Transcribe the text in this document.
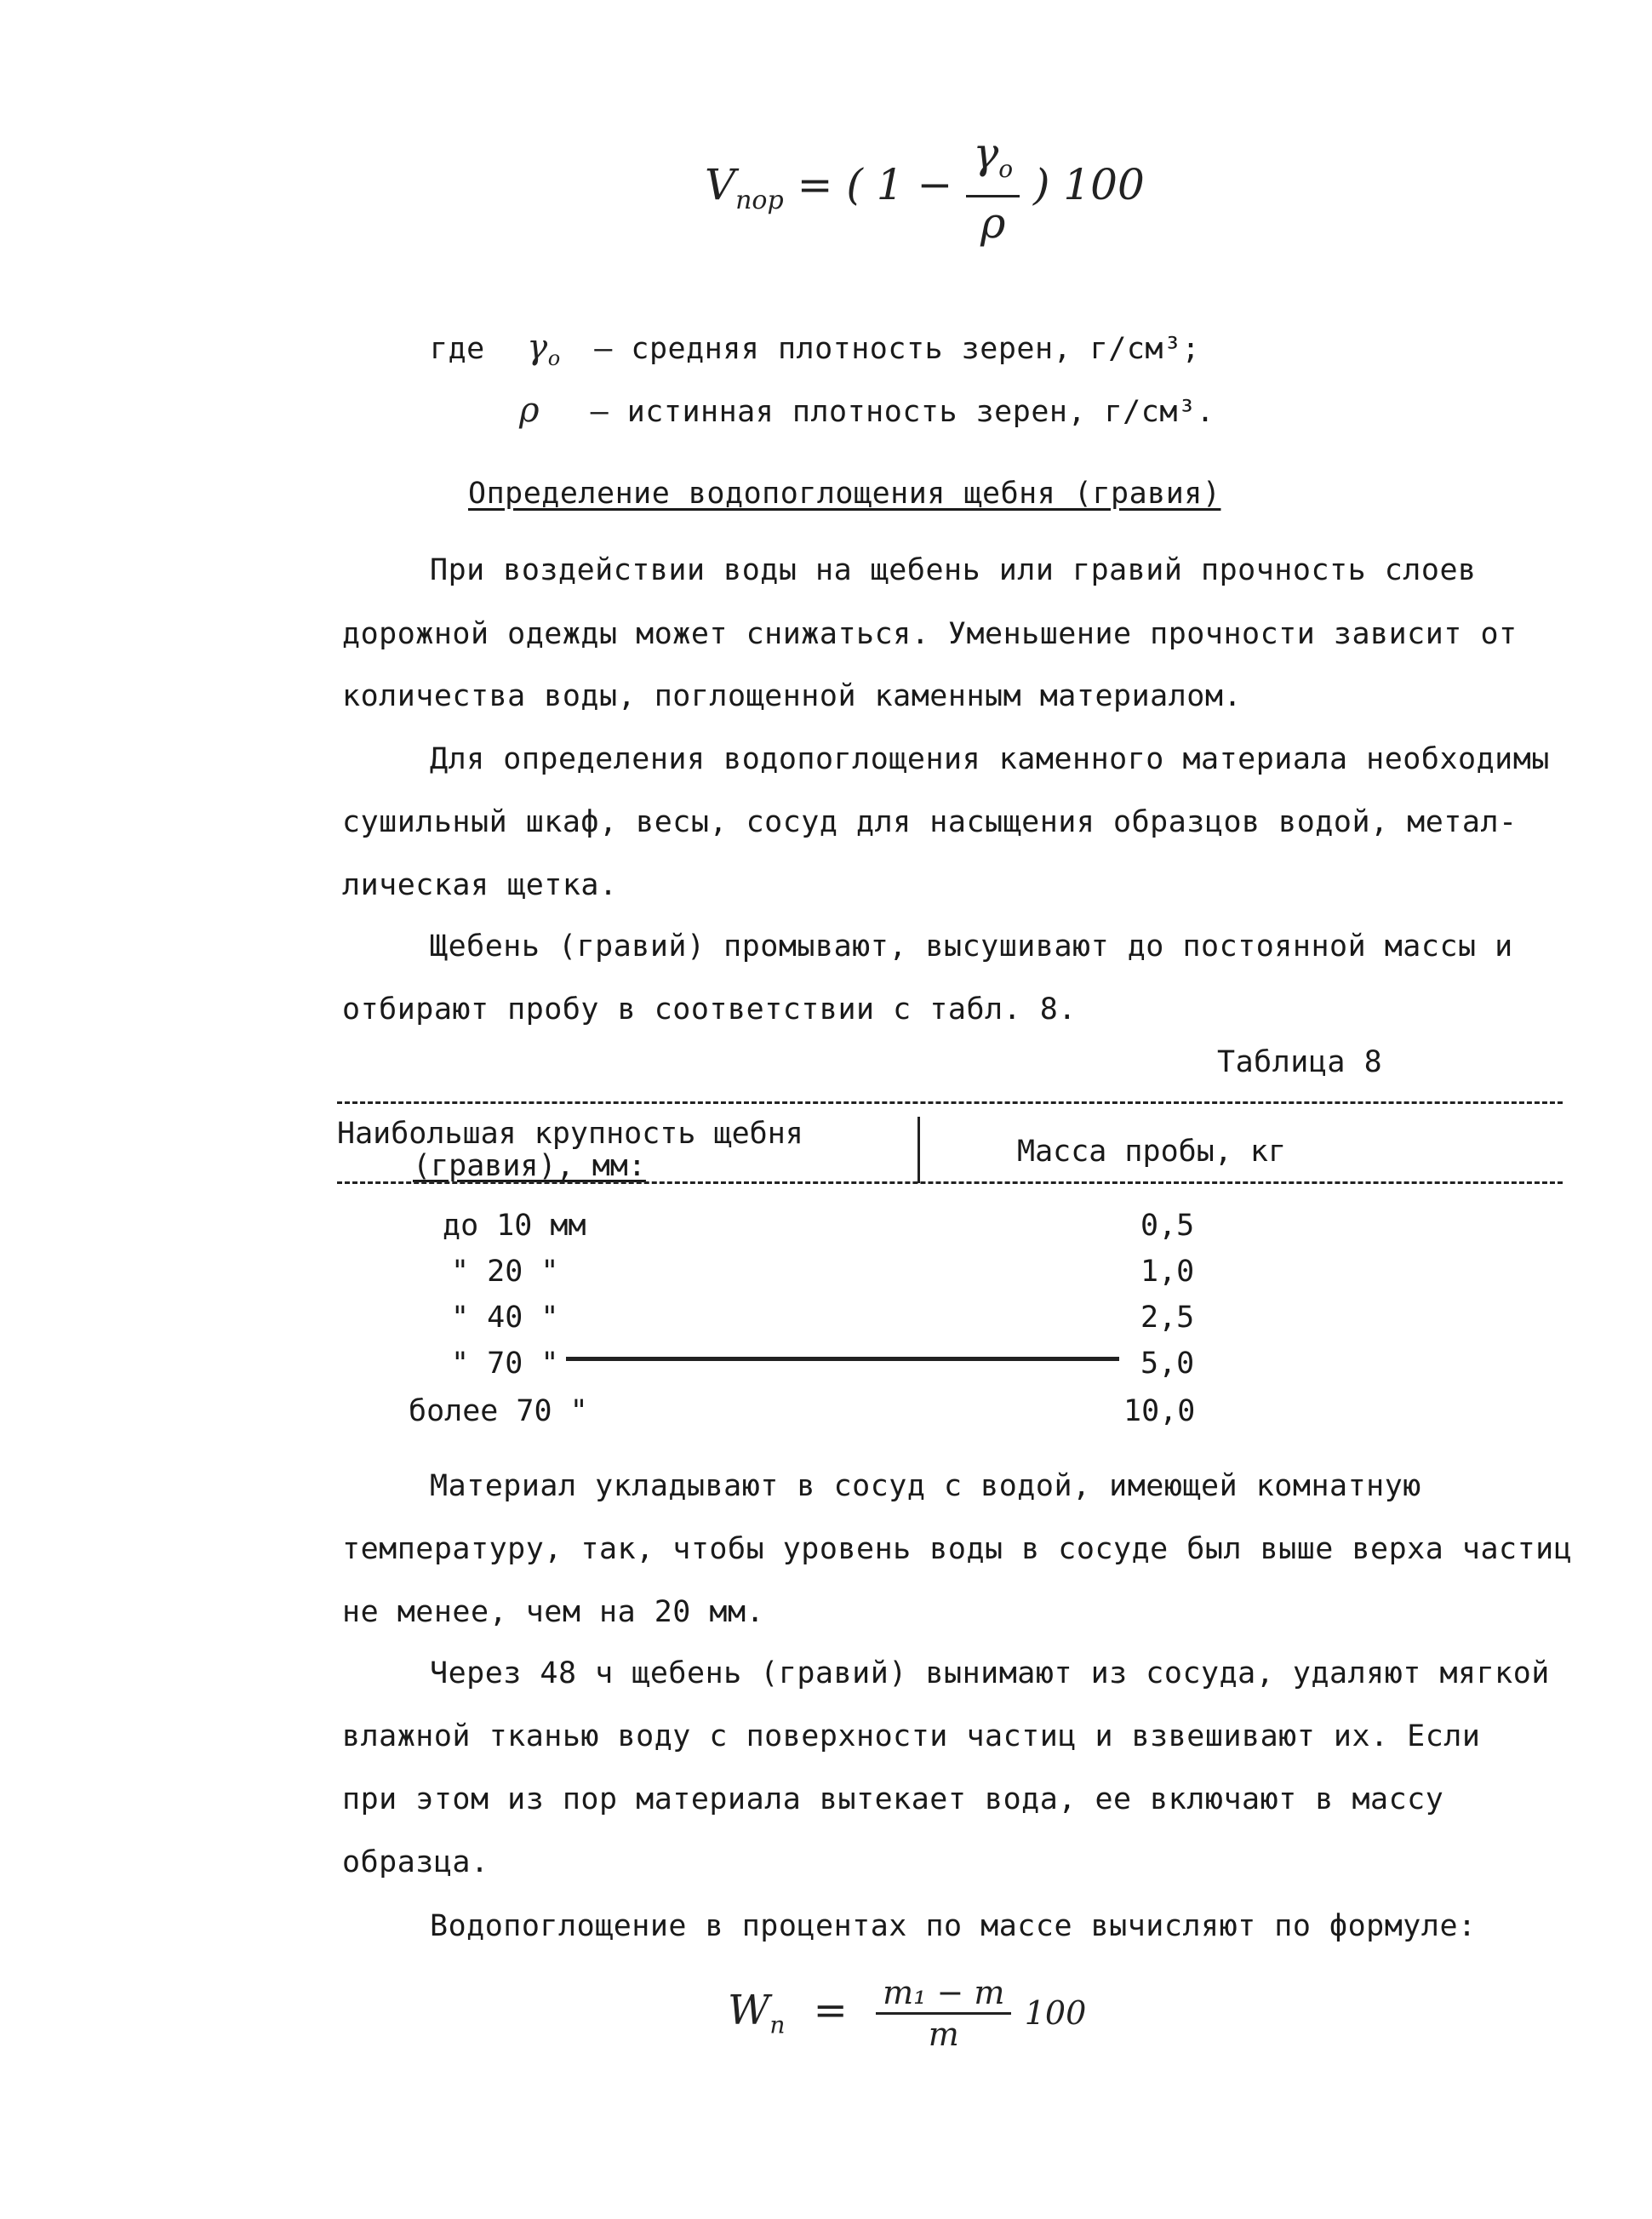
$V_{пор}$ = ( $1 - \frac{\gamma_о}{\rho}$ ) 100
где $\gamma_о$ – средняя плотность зерен, г/см³;
ρ – истинная плотность зерен, г/см³.
Определение водопоглощения щебня (гравия)
При воздействии воды на щебень или гравий прочность слоев
дорожной одежды может снижаться. Уменьшение прочности зависит от
количества воды, поглощенной каменным материалом.
Для определения водопоглощения каменного материала необходимы
сушильный шкаф, весы, сосуд для насыщения образцов водой, метал-
лическая щетка.
Щебень (гравий) промывают, высушивают до постоянной массы и
отбирают пробу в соответствии с табл. 8.
Таблица 8
Наибольшая крупность щебня
(гравия), мм:	Масса пробы, кг
до 10 мм	0,5
" 20 "	1,0
" 40 "	2,5
" 70 "	5,0
более 70 "	10,0
Материал укладывают в сосуд с водой, имеющей комнатную
температуру, так, чтобы уровень воды в сосуде был выше верха частиц
не менее, чем на 20 мм.
Через 48 ч щебень (гравий) вынимают из сосуда, удаляют мягкой
влажной тканью воду с поверхности частиц и взвешивают их. Если
при этом из пор материала вытекает вода, ее включают в массу
образца.
Водопоглощение в процентах по массе вычисляют по формуле:
$W_п = \frac{\text{m₁ − m}}{m} 100$
